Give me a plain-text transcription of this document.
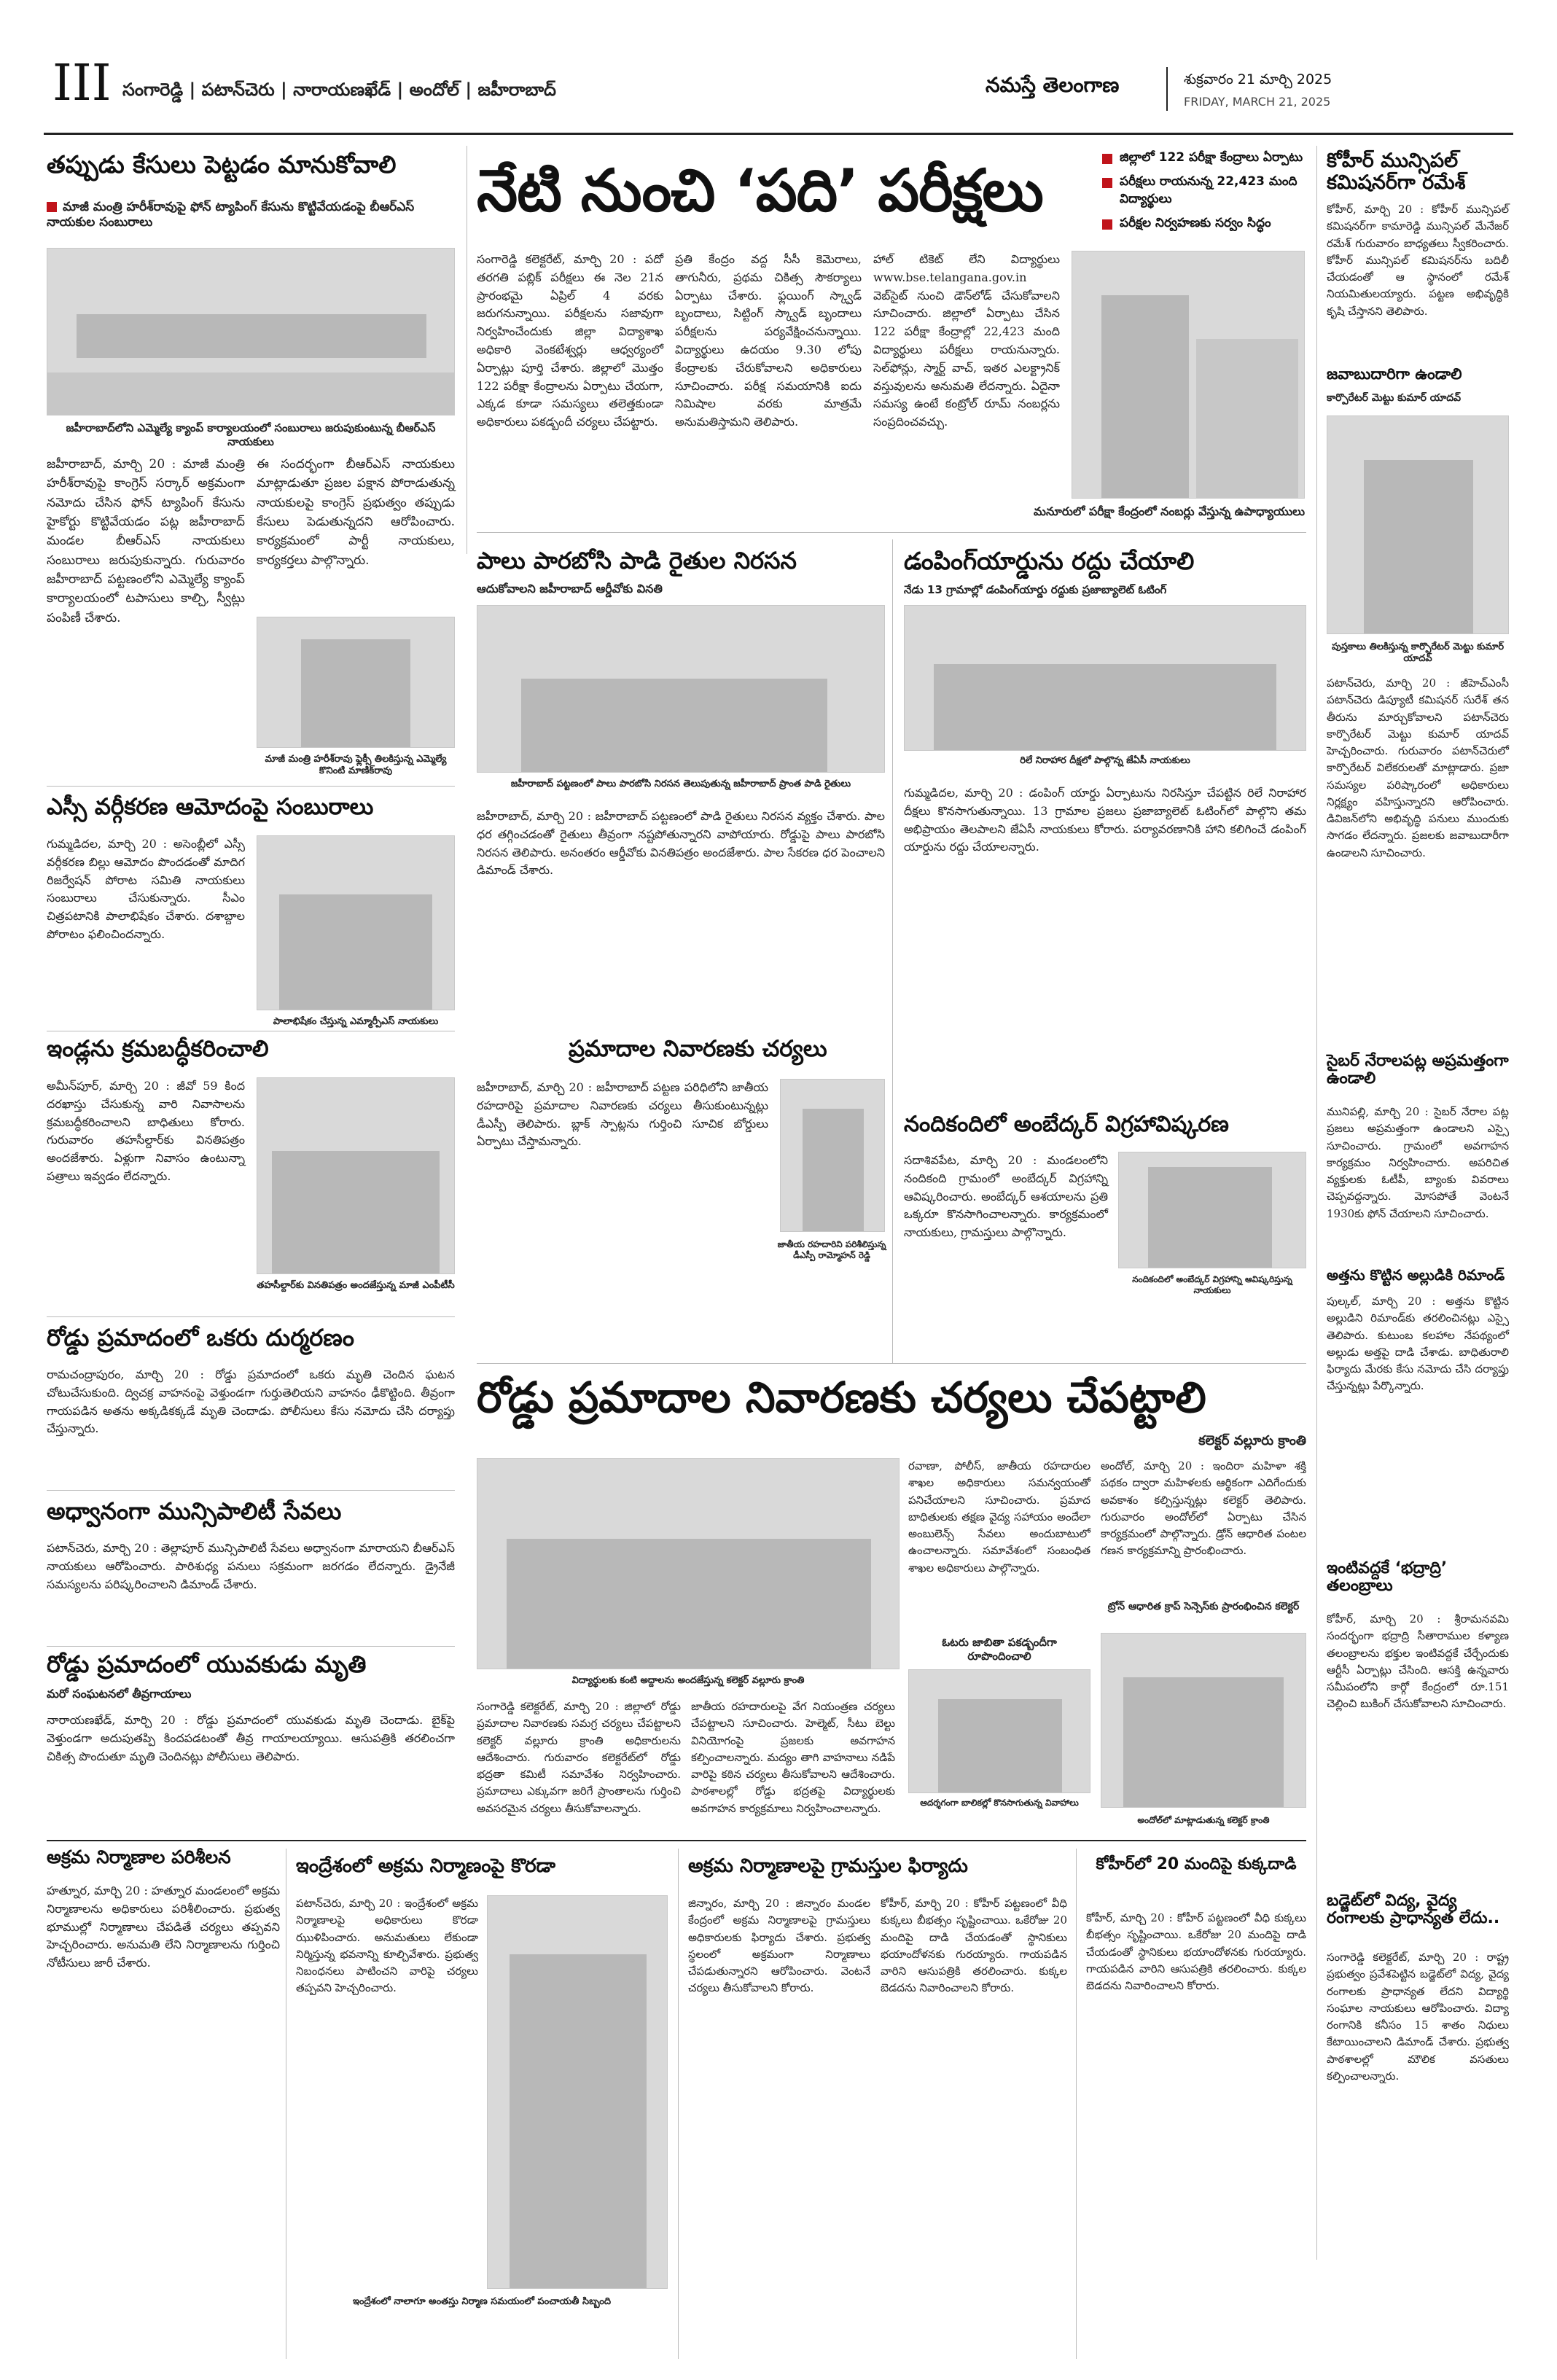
III సంగారెడ్డి | పటాన్‌చెరు | నారాయణఖేడ్ | అందోల్ | జహీరాబాద్	నమస్తే తెలంగాణ	శుక్రవారం 21 మార్చి 2025
FRIDAY, MARCH 21, 2025
తప్పుడు కేసులు పెట్టడం మానుకోవాలి
మాజీ మంత్రి హరీశ్‌రావుపై ఫోన్ ట్యాపింగ్ కేసును కొట్టివేయడంపై బీఆర్‌ఎస్ నాయకుల సంబురాలు
జహీరాబాద్‌లోని ఎమ్మెల్యే క్యాంప్ కార్యాలయంలో సంబురాలు జరుపుకుంటున్న బీఆర్‌ఎస్ నాయకులు
జహీరాబాద్, మార్చి 20 : మాజీ మంత్రి హరీశ్‌రావుపై కాంగ్రెస్ సర్కార్ అక్రమంగా నమోదు చేసిన ఫోన్ ట్యాపింగ్ కేసును హైకోర్టు కొట్టివేయడం పట్ల జహీరాబాద్ మండల బీఆర్‌ఎస్ నాయకులు సంబురాలు జరుపుకున్నారు. గురువారం జహీరాబాద్ పట్టణంలోని ఎమ్మెల్యే క్యాంప్ కార్యాలయంలో టపాసులు కాల్చి, స్వీట్లు పంపిణీ చేశారు.
ఈ సందర్భంగా బీఆర్‌ఎస్ నాయకులు మాట్లాడుతూ ప్రజల పక్షాన పోరాడుతున్న నాయకులపై కాంగ్రెస్ ప్రభుత్వం తప్పుడు కేసులు పెడుతున్నదని ఆరోపించారు. కార్యక్రమంలో పార్టీ నాయకులు, కార్యకర్తలు పాల్గొన్నారు.
మాజీ మంత్రి హరీశ్‌రావు ఫ్లెక్సీ తిలకిస్తున్న ఎమ్మెల్యే కొనింటి మాణిక్‌రావు
నేటి నుంచి ‘పది’ పరీక్షలు	జిల్లాలో 122 పరీక్షా కేంద్రాలు ఏర్పాటు
పరీక్షలు రాయనున్న 22,423 మంది విద్యార్థులు
పరీక్షల నిర్వహణకు సర్వం సిద్ధం
సంగారెడ్డి కలెక్టరేట్, మార్చి 20 : పదో తరగతి పబ్లిక్ పరీక్షలు ఈ నెల 21న ప్రారంభమై ఏప్రిల్ 4 వరకు జరుగనున్నాయి. పరీక్షలను సజావుగా నిర్వహించేందుకు జిల్లా విద్యాశాఖ అధికారి వెంకటేశ్వర్లు ఆధ్వర్యంలో ఏర్పాట్లు పూర్తి చేశారు. జిల్లాలో మొత్తం 122 పరీక్షా కేంద్రాలను ఏర్పాటు చేయగా, ఎక్కడ కూడా సమస్యలు తలెత్తకుండా అధికారులు పకడ్బందీ చర్యలు చేపట్టారు.
ప్రతి కేంద్రం వద్ద సీసీ కెమెరాలు, తాగునీరు, ప్రథమ చికిత్స సౌకర్యాలు ఏర్పాటు చేశారు. ఫ్లయింగ్ స్క్వాడ్ బృందాలు, సిట్టింగ్ స్క్వాడ్ బృందాలు పరీక్షలను పర్యవేక్షించనున్నాయి. విద్యార్థులు ఉదయం 9.30 లోపు కేంద్రాలకు చేరుకోవాలని అధికారులు సూచించారు. పరీక్ష సమయానికి ఐదు నిమిషాల వరకు మాత్రమే అనుమతిస్తామని తెలిపారు.
హాల్ టికెట్ లేని విద్యార్థులు www.bse.telangana.gov.in వెబ్‌సైట్ నుంచి డౌన్‌లోడ్ చేసుకోవాలని సూచించారు. జిల్లాలో ఏర్పాటు చేసిన 122 పరీక్షా కేంద్రాల్లో 22,423 మంది విద్యార్థులు పరీక్షలు రాయనున్నారు. సెల్‌ఫోన్లు, స్మార్ట్ వాచ్, ఇతర ఎలక్ట్రానిక్ వస్తువులను అనుమతి లేదన్నారు. ఏదైనా సమస్య ఉంటే కంట్రోల్ రూమ్ నంబర్లను సంప్రదించవచ్చు.
మనూరులో పరీక్షా కేంద్రంలో నంబర్లు వేస్తున్న ఉపాధ్యాయులు
కోహీర్ మున్సిపల్ కమిషనర్‌గా రమేశ్
కోహీర్, మార్చి 20 : కోహీర్ మున్సిపల్ కమిషనర్‌గా కామారెడ్డి మున్సిపల్ మేనేజర్ రమేశ్ గురువారం బాధ్యతలు స్వీకరించారు. కోహీర్ మున్సిపల్ కమిషనర్‌ను బదిలీ చేయడంతో ఆ స్థానంలో రమేశ్ నియమితులయ్యారు. పట్టణ అభివృద్ధికి కృషి చేస్తానని తెలిపారు.
జవాబుదారిగా ఉండాలి
కార్పొరేటర్ మెట్టు కుమార్ యాదవ్
పుస్తకాలు తిలకిస్తున్న కార్పొరేటర్ మెట్టు కుమార్ యాదవ్
పటాన్‌చెరు, మార్చి 20 : జీహెచ్‌ఎంసీ పటాన్‌చెరు డిప్యూటీ కమిషనర్ సురేశ్ తన తీరును మార్చుకోవాలని పటాన్‌చెరు కార్పొరేటర్ మెట్టు కుమార్ యాదవ్ హెచ్చరించారు. గురువారం పటాన్‌చెరులో కార్పొరేటర్ విలేకరులతో మాట్లాడారు. ప్రజా సమస్యల పరిష్కారంలో అధికారులు నిర్లక్ష్యం వహిస్తున్నారని ఆరోపించారు. డివిజన్‌లోని అభివృద్ధి పనులు ముందుకు సాగడం లేదన్నారు. ప్రజలకు జవాబుదారీగా ఉండాలని సూచించారు.
సైబర్ నేరాలపట్ల అప్రమత్తంగా ఉండాలి
మునిపల్లి, మార్చి 20 : సైబర్ నేరాల పట్ల ప్రజలు అప్రమత్తంగా ఉండాలని ఎస్సై సూచించారు. గ్రామంలో అవగాహన కార్యక్రమం నిర్వహించారు. అపరిచిత వ్యక్తులకు ఓటీపీ, బ్యాంకు వివరాలు చెప్పవద్దన్నారు. మోసపోతే వెంటనే 1930కు ఫోన్ చేయాలని సూచించారు.
అత్తను కొట్టిన అల్లుడికి రిమాండ్
పుల్కల్, మార్చి 20 : అత్తను కొట్టిన అల్లుడిని రిమాండ్‌కు తరలించినట్లు ఎస్సై తెలిపారు. కుటుంబ కలహాల నేపథ్యంలో అల్లుడు అత్తపై దాడి చేశాడు. బాధితురాలి ఫిర్యాదు మేరకు కేసు నమోదు చేసి దర్యాప్తు చేస్తున్నట్లు పేర్కొన్నారు.
ఇంటివద్దకే ‘భద్రాద్రి’ తలంబ్రాలు
కోహీర్, మార్చి 20 : శ్రీరామనవమి సందర్భంగా భద్రాద్రి సీతారాముల కళ్యాణ తలంబ్రాలను భక్తుల ఇంటివద్దకే చేర్చేందుకు ఆర్టీసీ ఏర్పాట్లు చేసింది. ఆసక్తి ఉన్నవారు సమీపంలోని కార్గో కేంద్రంలో రూ.151 చెల్లించి బుకింగ్ చేసుకోవాలని సూచించారు.
బడ్జెట్‌లో విద్య, వైద్య రంగాలకు ప్రాధాన్యత లేదు..
సంగారెడ్డి కలెక్టరేట్, మార్చి 20 : రాష్ట్ర ప్రభుత్వం ప్రవేశపెట్టిన బడ్జెట్‌లో విద్య, వైద్య రంగాలకు ప్రాధాన్యత లేదని విద్యార్థి సంఘాల నాయకులు ఆరోపించారు. విద్యా రంగానికి కనీసం 15 శాతం నిధులు కేటాయించాలని డిమాండ్ చేశారు. ప్రభుత్వ పాఠశాలల్లో మౌలిక వసతులు కల్పించాలన్నారు.
ఎస్సీ వర్గీకరణ ఆమోదంపై సంబురాలు
గుమ్మడిదల, మార్చి 20 : అసెంబ్లీలో ఎస్సీ వర్గీకరణ బిల్లు ఆమోదం పొందడంతో మాదిగ రిజర్వేషన్ పోరాట సమితి నాయకులు సంబురాలు చేసుకున్నారు. సీఎం చిత్రపటానికి పాలాభిషేకం చేశారు. దశాబ్దాల పోరాటం ఫలించిందన్నారు.
పాలాభిషేకం చేస్తున్న ఎమ్మార్పీఎస్ నాయకులు
ఇండ్లను క్రమబద్ధీకరించాలి
అమీన్‌పూర్, మార్చి 20 : జీవో 59 కింద దరఖాస్తు చేసుకున్న వారి నివాసాలను క్రమబద్ధీకరించాలని బాధితులు కోరారు. గురువారం తహసీల్దార్‌కు వినతిపత్రం అందజేశారు. ఏళ్లుగా నివాసం ఉంటున్నా పత్రాలు ఇవ్వడం లేదన్నారు.
తహసీల్దార్‌కు వినతిపత్రం అందజేస్తున్న మాజీ ఎంపీటీసీ
రోడ్డు ప్రమాదంలో ఒకరు దుర్మరణం
రామచంద్రాపురం, మార్చి 20 : రోడ్డు ప్రమాదంలో ఒకరు మృతి చెందిన ఘటన చోటుచేసుకుంది. ద్విచక్ర వాహనంపై వెళ్తుండగా గుర్తుతెలియని వాహనం ఢీకొట్టింది. తీవ్రంగా గాయపడిన అతను అక్కడికక్కడే మృతి చెందాడు. పోలీసులు కేసు నమోదు చేసి దర్యాప్తు చేస్తున్నారు.
అధ్వానంగా మున్సిపాలిటీ సేవలు
పటాన్‌చెరు, మార్చి 20 : తెల్లాపూర్ మున్సిపాలిటీ సేవలు అధ్వానంగా మారాయని బీఆర్‌ఎస్ నాయకులు ఆరోపించారు. పారిశుధ్య పనులు సక్రమంగా జరగడం లేదన్నారు. డ్రైనేజీ సమస్యలను పరిష్కరించాలని డిమాండ్ చేశారు.
రోడ్డు ప్రమాదంలో యువకుడు మృతి
మరో సంఘటనలో తీవ్రగాయాలు
నారాయణఖేడ్, మార్చి 20 : రోడ్డు ప్రమాదంలో యువకుడు మృతి చెందాడు. బైక్‌పై వెళ్తుండగా అదుపుతప్పి కిందపడటంతో తీవ్ర గాయాలయ్యాయి. ఆసుపత్రికి తరలించగా చికిత్స పొందుతూ మృతి చెందినట్లు పోలీసులు తెలిపారు.
అక్రమ నిర్మాణాల పరిశీలన
హత్నూర, మార్చి 20 : హత్నూర మండలంలో అక్రమ నిర్మాణాలను అధికారులు పరిశీలించారు. ప్రభుత్వ భూముల్లో నిర్మాణాలు చేపడితే చర్యలు తప్పవని హెచ్చరించారు. అనుమతి లేని నిర్మాణాలను గుర్తించి నోటీసులు జారీ చేశారు.
పాలు పారబోసి పాడి రైతుల నిరసన
ఆదుకోవాలని జహీరాబాద్ ఆర్డీవోకు వినతి
జహీరాబాద్ పట్టణంలో పాలు పారబోసి నిరసన తెలుపుతున్న జహీరాబాద్ ప్రాంత పాడి రైతులు
జహీరాబాద్, మార్చి 20 : జహీరాబాద్ పట్టణంలో పాడి రైతులు నిరసన వ్యక్తం చేశారు. పాల ధర తగ్గించడంతో రైతులు తీవ్రంగా నష్టపోతున్నారని వాపోయారు. రోడ్డుపై పాలు పారబోసి నిరసన తెలిపారు. అనంతరం ఆర్డీవోకు వినతిపత్రం అందజేశారు. పాల సేకరణ ధర పెంచాలని డిమాండ్ చేశారు.
ప్రమాదాల నివారణకు చర్యలు
జహీరాబాద్, మార్చి 20 : జహీరాబాద్ పట్టణ పరిధిలోని జాతీయ రహదారిపై ప్రమాదాల నివారణకు చర్యలు తీసుకుంటున్నట్లు డీఎస్పీ తెలిపారు. బ్లాక్ స్పాట్లను గుర్తించి సూచిక బోర్డులు ఏర్పాటు చేస్తామన్నారు.
జాతీయ రహదారిని పరిశీలిస్తున్న డీఎస్పీ రామ్మోహన్ రెడ్డి
డంపింగ్‌యార్డును రద్దు చేయాలి
నేడు 13 గ్రామాల్లో డంపింగ్‌యార్డు రద్దుకు ప్రజాబ్యాలెట్ ఓటింగ్
రిలే నిరాహార దీక్షలో పాల్గొన్న జేఏసీ నాయకులు
గుమ్మడిదల, మార్చి 20 : డంపింగ్ యార్డు ఏర్పాటును నిరసిస్తూ చేపట్టిన రిలే నిరాహార దీక్షలు కొనసాగుతున్నాయి. 13 గ్రామాల ప్రజలు ప్రజాబ్యాలెట్ ఓటింగ్‌లో పాల్గొని తమ అభిప్రాయం తెలపాలని జేఏసీ నాయకులు కోరారు. పర్యావరణానికి హాని కలిగించే డంపింగ్ యార్డును రద్దు చేయాలన్నారు.
నందికందిలో అంబేద్కర్ విగ్రహావిష్కరణ
సదాశివపేట, మార్చి 20 : మండలంలోని నందికంది గ్రామంలో అంబేద్కర్ విగ్రహాన్ని ఆవిష్కరించారు. అంబేద్కర్ ఆశయాలను ప్రతి ఒక్కరూ కొనసాగించాలన్నారు. కార్యక్రమంలో నాయకులు, గ్రామస్తులు పాల్గొన్నారు.
నందికందిలో అంబేద్కర్ విగ్రహాన్ని ఆవిష్కరిస్తున్న నాయకులు
రోడ్డు ప్రమాదాల నివారణకు చర్యలు చేపట్టాలి
కలెక్టర్ వల్లూరు క్రాంతి
విద్యార్థులకు కంటి అద్దాలను అందజేస్తున్న కలెక్టర్ వల్లూరు క్రాంతి
సంగారెడ్డి కలెక్టరేట్, మార్చి 20 : జిల్లాలో రోడ్డు ప్రమాదాల నివారణకు సమగ్ర చర్యలు చేపట్టాలని కలెక్టర్ వల్లూరు క్రాంతి అధికారులను ఆదేశించారు. గురువారం కలెక్టరేట్‌లో రోడ్డు భద్రతా కమిటీ సమావేశం నిర్వహించారు. ప్రమాదాలు ఎక్కువగా జరిగే ప్రాంతాలను గుర్తించి అవసరమైన చర్యలు తీసుకోవాలన్నారు.
జాతీయ రహదారులపై వేగ నియంత్రణ చర్యలు చేపట్టాలని సూచించారు. హెల్మెట్, సీటు బెల్టు వినియోగంపై ప్రజలకు అవగాహన కల్పించాలన్నారు. మద్యం తాగి వాహనాలు నడిపే వారిపై కఠిన చర్యలు తీసుకోవాలని ఆదేశించారు. పాఠశాలల్లో రోడ్డు భద్రతపై విద్యార్థులకు అవగాహన కార్యక్రమాలు నిర్వహించాలన్నారు.
రవాణా, పోలీస్, జాతీయ రహదారుల శాఖల అధికారులు సమన్వయంతో పనిచేయాలని సూచించారు. ప్రమాద బాధితులకు తక్షణ వైద్య సహాయం అందేలా అంబులెన్స్ సేవలు అందుబాటులో ఉంచాలన్నారు. సమావేశంలో సంబంధిత శాఖల అధికారులు పాల్గొన్నారు.
ఓటరు జాబితా పకడ్బందీగా రూపొందించాలి
ట్రోన్ ఆధారిత క్రాప్ సెన్సెస్‌కు ప్రారంభించిన కలెక్టర్
అందోల్, మార్చి 20 : ఇందిరా మహిళా శక్తి పథకం ద్వారా మహిళలకు ఆర్థికంగా ఎదిగేందుకు అవకాశం కల్పిస్తున్నట్లు కలెక్టర్ తెలిపారు. గురువారం అందోల్‌లో ఏర్పాటు చేసిన కార్యక్రమంలో పాల్గొన్నారు. డ్రోన్ ఆధారిత పంటల గణన కార్యక్రమాన్ని ప్రారంభించారు.
ఆదర్శగంగా బాలికల్లో కొనసాగుతున్న వివాహాలు
అందోల్‌లో మాట్లాడుతున్న కలెక్టర్ క్రాంతి
ఇంద్రేశంలో అక్రమ నిర్మాణంపై కొరడా
పటాన్‌చెరు, మార్చి 20 : ఇంద్రేశంలో అక్రమ నిర్మాణాలపై అధికారులు కొరడా ఝుళిపించారు. అనుమతులు లేకుండా నిర్మిస్తున్న భవనాన్ని కూల్చివేశారు. ప్రభుత్వ నిబంధనలు పాటించని వారిపై చర్యలు తప్పవని హెచ్చరించారు.
ఇంద్రేశంలో నాలాగూ అంతస్తు నిర్మాణ సమయంలో పంచాయతీ సిబ్బంది
అక్రమ నిర్మాణాలపై గ్రామస్తుల ఫిర్యాదు
జిన్నారం, మార్చి 20 : జిన్నారం మండల కేంద్రంలో అక్రమ నిర్మాణాలపై గ్రామస్తులు అధికారులకు ఫిర్యాదు చేశారు. ప్రభుత్వ స్థలంలో అక్రమంగా నిర్మాణాలు చేపడుతున్నారని ఆరోపించారు. వెంటనే చర్యలు తీసుకోవాలని కోరారు.
కోహీర్, మార్చి 20 : కోహీర్ పట్టణంలో వీధి కుక్కలు బీభత్సం సృష్టించాయి. ఒకేరోజు 20 మందిపై దాడి చేయడంతో స్థానికులు భయాందోళనకు గురయ్యారు. గాయపడిన వారిని ఆసుపత్రికి తరలించారు. కుక్కల బెడదను నివారించాలని కోరారు.
కోహీర్‌లో 20 మందిపై కుక్కదాడి
కోహీర్, మార్చి 20 : కోహీర్ పట్టణంలో వీధి కుక్కలు బీభత్సం సృష్టించాయి. ఒకేరోజు 20 మందిపై దాడి చేయడంతో స్థానికులు భయాందోళనకు గురయ్యారు. గాయపడిన వారిని ఆసుపత్రికి తరలించారు. కుక్కల బెడదను నివారించాలని కోరారు.
